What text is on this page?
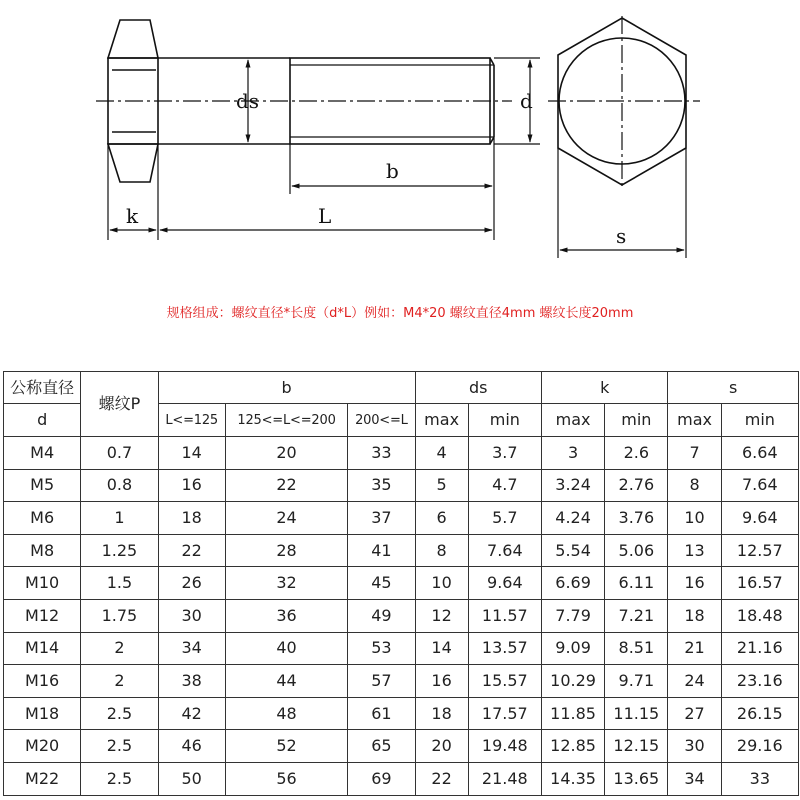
ds	d
b
L
k
s
规格组成：螺纹直径*长度（d*L）例如：M4*20 螺纹直径4mm 螺纹长度20mm
公称直径	螺纹P	b			ds		k		s	
d		L<=125	125<=L<=200	200<=L	max	min	max	min	max	min
M4	0.7	14	20	33	4	3.7	3	2.6	7	6.64
M5	0.8	16	22	35	5	4.7	3.24	2.76	8	7.64
M6	1	18	24	37	6	5.7	4.24	3.76	10	9.64
M8	1.25	22	28	41	8	7.64	5.54	5.06	13	12.57
M10	1.5	26	32	45	10	9.64	6.69	6.11	16	16.57
M12	1.75	30	36	49	12	11.57	7.79	7.21	18	18.48
M14	2	34	40	53	14	13.57	9.09	8.51	21	21.16
M16	2	38	44	57	16	15.57	10.29	9.71	24	23.16
M18	2.5	42	48	61	18	17.57	11.85	11.15	27	26.15
M20	2.5	46	52	65	20	19.48	12.85	12.15	30	29.16
M22	2.5	50	56	69	22	21.48	14.35	13.65	34	33
